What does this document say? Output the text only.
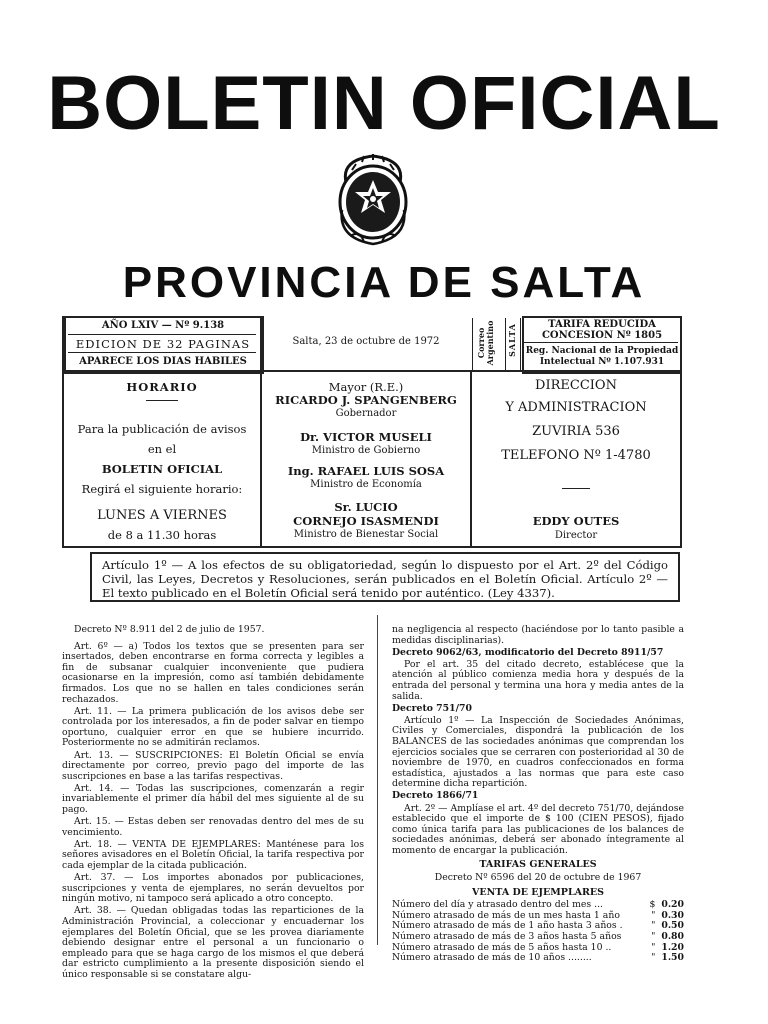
BOLETIN OFICIAL
PROVINCIA DE SALTA
AÑO LXIV — Nº 9.138
EDICION DE 32 PAGINAS
APARECE LOS DIAS HABILES
Salta, 23 de octubre de 1972	Correo Argentino SALTA	TARIFA REDUCIDA
CONCESION Nº 1805
Reg. Nacional de la Propiedad
Intelectual Nº 1.107.931
HORARIO
Para la publicación de avisos
en el
BOLETIN OFICIAL
Regirá el siguiente horario:
LUNES A VIERNES
de 8 a 11.30 horas
Mayor (R.E.)
RICARDO J. SPANGENBERG
Gobernador
Dr. VICTOR MUSELI
Ministro de Gobierno
Ing. RAFAEL LUIS SOSA
Ministro de Economía
Sr. LUCIO
CORNEJO ISASMENDI
Ministro de Bienestar Social
DIRECCION
Y ADMINISTRACION
ZUVIRIA 536
TELEFONO Nº 1-4780
EDDY OUTES
Director
Artículo 1º — A los efectos de su obligatoriedad, según lo dispuesto por el Art. 2º del Código Civil, las Leyes, Decretos y Resoluciones, serán publicados en el Boletín Oficial. Artículo 2º — El texto publicado en el Boletín Oficial será tenido por auténtico. (Ley 4337).

Decreto Nº 8.911 del 2 de julio de 1957.

Art. 6º — a) Todos los textos que se presenten para ser insertados, deben encontrarse en forma correcta y legibles a fin de subsanar cualquier inconveniente que pudiera ocasionarse en la impresión, como así también debidamente firmados. Los que no se hallen en tales condiciones serán rechazados.

Art. 11. — La primera publicación de los avisos debe ser controlada por los interesados, a fin de poder salvar en tiempo oportuno, cualquier error en que se hubiere incurrido. Posteriormente no se admitirán reclamos.

Art. 13. — SUSCRIPCIONES: El Boletín Oficial se envía directamente por correo, previo pago del importe de las suscripciones en base a las tarifas respectivas.

Art. 14. — Todas las suscripciones, comenzarán a regir invariablemente el primer día hábil del mes siguiente al de su pago.

Art. 15. — Estas deben ser renovadas dentro del mes de su vencimiento.

Art. 18. — VENTA DE EJEMPLARES: Manténese para los señores avisadores en el Boletín Oficial, la tarifa respectiva por cada ejemplar de la citada publicación.

Art. 37. — Los importes abonados por publicaciones, suscripciones y venta de ejemplares, no serán devueltos por ningún motivo, ni tampoco será aplicado a otro concepto.

Art. 38. — Quedan obligadas todas las reparticiones de la Administración Provincial, a coleccionar y encuadernar los ejemplares del Boletín Oficial, que se les provea diariamente debiendo designar entre el personal a un funcionario o empleado para que se haga cargo de los mismos el que deberá dar estricto cumplimiento a la presente disposición siendo el único responsable si se constatare algu-

na negligencia al respecto (haciéndose por lo tanto pasible a medidas disciplinarias).

Decreto 9062/63, modificatorio del Decreto 8911/57

Por el art. 35 del citado decreto, establécese que la atención al público comienza media hora y después de la entrada del personal y termina una hora y media antes de la salida.

Decreto 751/70

Artículo 1º — La Inspección de Sociedades Anónimas, Civiles y Comerciales, dispondrá la publicación de los BALANCES de las sociedades anónimas que comprendan los ejercicios sociales que se cerraren con posterioridad al 30 de noviembre de 1970, en cuadros confeccionados en forma estadística, ajustados a las normas que para este caso determine dicha repartición.

Decreto 1866/71

Art. 2º — Amplíase el art. 4º del decreto 751/70, dejándose establecido que el importe de $ 100 (CIEN PESOS), fijado como única tarifa para las publicaciones de los balances de sociedades anónimas, deberá ser abonado íntegramente al momento de encargar la publicación.

TARIFAS GENERALES
Decreto Nº 6596 del 20 de octubre de 1967
VENTA DE EJEMPLARES
Número del día y atrasado dentro del mes ...	$ 0.20
Número atrasado de más de un mes hasta 1 año	" 0.30
Número atrasado de más de 1 año hasta 3 años .	" 0.50
Número atrasado de más de 3 años hasta 5 años	" 0.80
Número atrasado de más de 5 años hasta 10 ..	" 1.20
Número atrasado de más de 10 años ........	" 1.50
